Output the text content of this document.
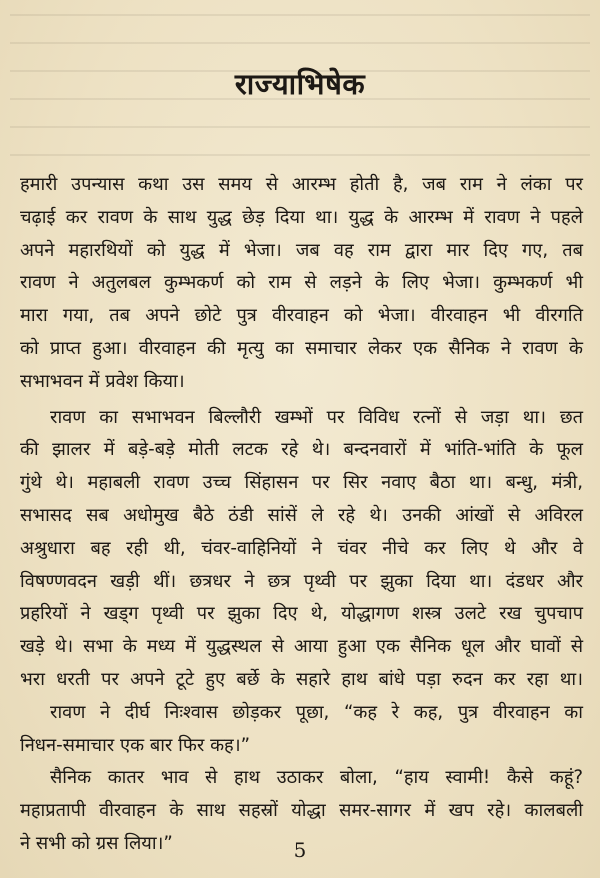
राज्याभिषेक
हमारी उपन्यास कथा उस समय से आरम्भ होती है, जब राम ने लंका पर
चढ़ाई कर रावण के साथ युद्ध छेड़ दिया था। युद्ध के आरम्भ में रावण ने पहले
अपने महारथियों को युद्ध में भेजा। जब वह राम द्वारा मार दिए गए, तब
रावण ने अतुलबल कुम्भकर्ण को राम से लड़ने के लिए भेजा। कुम्भकर्ण भी
मारा गया, तब अपने छोटे पुत्र वीरवाहन को भेजा। वीरवाहन भी वीरगति
को प्राप्त हुआ। वीरवाहन की मृत्यु का समाचार लेकर एक सैनिक ने रावण के
सभाभवन में प्रवेश किया।
रावण का सभाभवन बिल्लौरी खम्भों पर विविध रत्नों से जड़ा था। छत
की झालर में बड़े-बड़े मोती लटक रहे थे। बन्दनवारों में भांति-भांति के फूल
गुंथे थे। महाबली रावण उच्च सिंहासन पर सिर नवाए बैठा था। बन्धु, मंत्री,
सभासद सब अधोमुख बैठे ठंडी सांसें ले रहे थे। उनकी आंखों से अविरल
अश्रुधारा बह रही थी, चंवर-वाहिनियों ने चंवर नीचे कर लिए थे और वे
विषण्णवदन खड़ी थीं। छत्रधर ने छत्र पृथ्वी पर झुका दिया था। दंडधर और
प्रहरियों ने खड्ग पृथ्वी पर झुका दिए थे, योद्धागण शस्त्र उलटे रख चुपचाप
खड़े थे। सभा के मध्य में युद्धस्थल से आया हुआ एक सैनिक धूल और घावों से
भरा धरती पर अपने टूटे हुए बर्छे के सहारे हाथ बांधे पड़ा रुदन कर रहा था।
रावण ने दीर्घ निःश्वास छोड़कर पूछा, “कह रे कह, पुत्र वीरवाहन का
निधन-समाचार एक बार फिर कह।”
सैनिक कातर भाव से हाथ उठाकर बोला, “हाय स्वामी! कैसे कहूं?
महाप्रतापी वीरवाहन के साथ सहस्रों योद्धा समर-सागर में खप रहे। कालबली
ने सभी को ग्रस लिया।”	5
